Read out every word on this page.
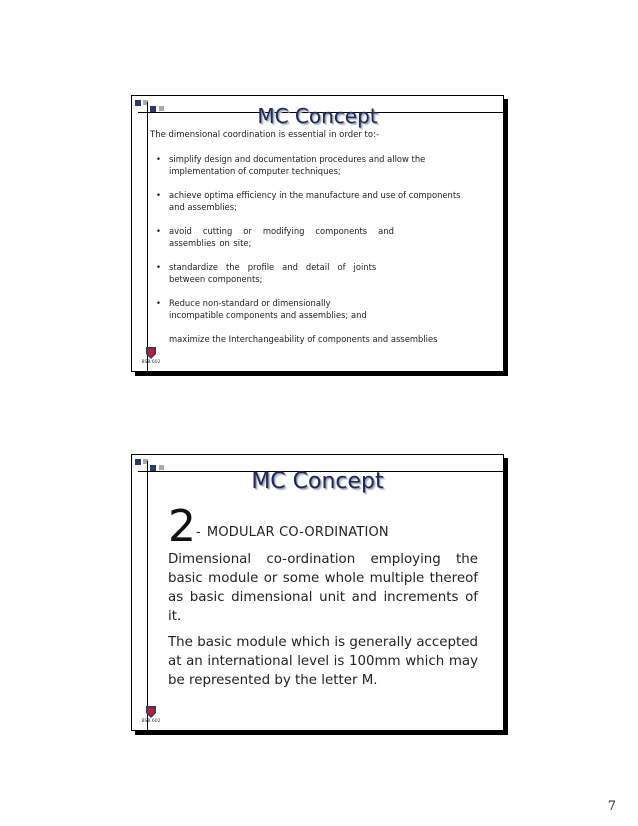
MC Concept
The dimensional coordination is essential in order to:-
• simplify design and documentation procedures and allow the
implementation of computer techniques;
• achieve optima efficiency in the manufacture and use of components
and assemblies;
• avoid   cutting   or   modifying   components   and
assemblies on site;
• standardize   the   profile   and   detail   of   joints
between components;
• Reduce non-standard or dimensionally
incompatible components and assemblies; and
maximize the Interchangeability of components and assemblies
BSB 602
MC Concept
2 - MODULAR CO-ORDINATION

Dimensional co-ordination employing the basic module or some whole multiple thereof as basic dimensional unit and increments of it.

The basic module which is generally accepted at an international level is 100mm which may be represented by the letter M.

BSB 602
7
